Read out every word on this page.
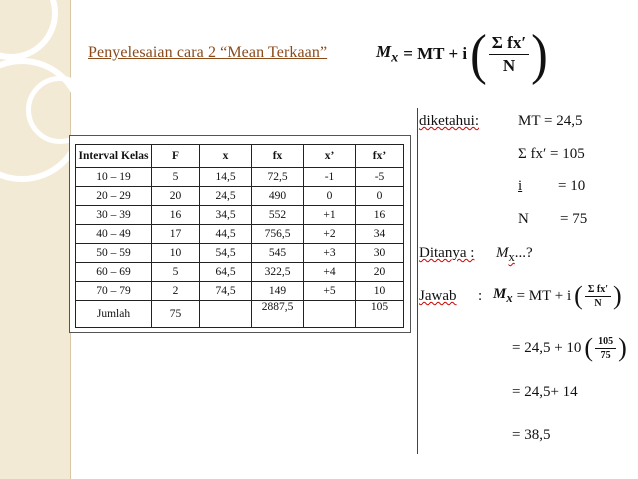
Penyelesaian cara 2 “Mean Terkaan”	$M_x$ = MT + i ( $\frac{\text{Σ fx′}}{N}$ )
Interval Kelas	F	x	fx	x’	fx’
10 – 19	5	14,5	72,5	-1	-5
20 – 29	20	24,5	490	0	0
30 – 39	16	34,5	552	+1	16
40 – 49	17	44,5	756,5	+2	34
50 – 59	10	54,5	545	+3	30
60 – 69	5	64,5	322,5	+4	20
70 – 79	2	74,5	149	+5	10
Jumlah	75		2887,5		105
diketahui:	MT = 24,5
Σ fx′ = 105
i = 10
N = 75
Ditanya : $M_x$...?
Jawab : $M_x$ = MT + i ( $\frac{\text{Σ fx′}}{N}$ )
= 24,5 + 10 ( $\frac{105}{75}$ )
= 24,5+ 14
= 38,5
